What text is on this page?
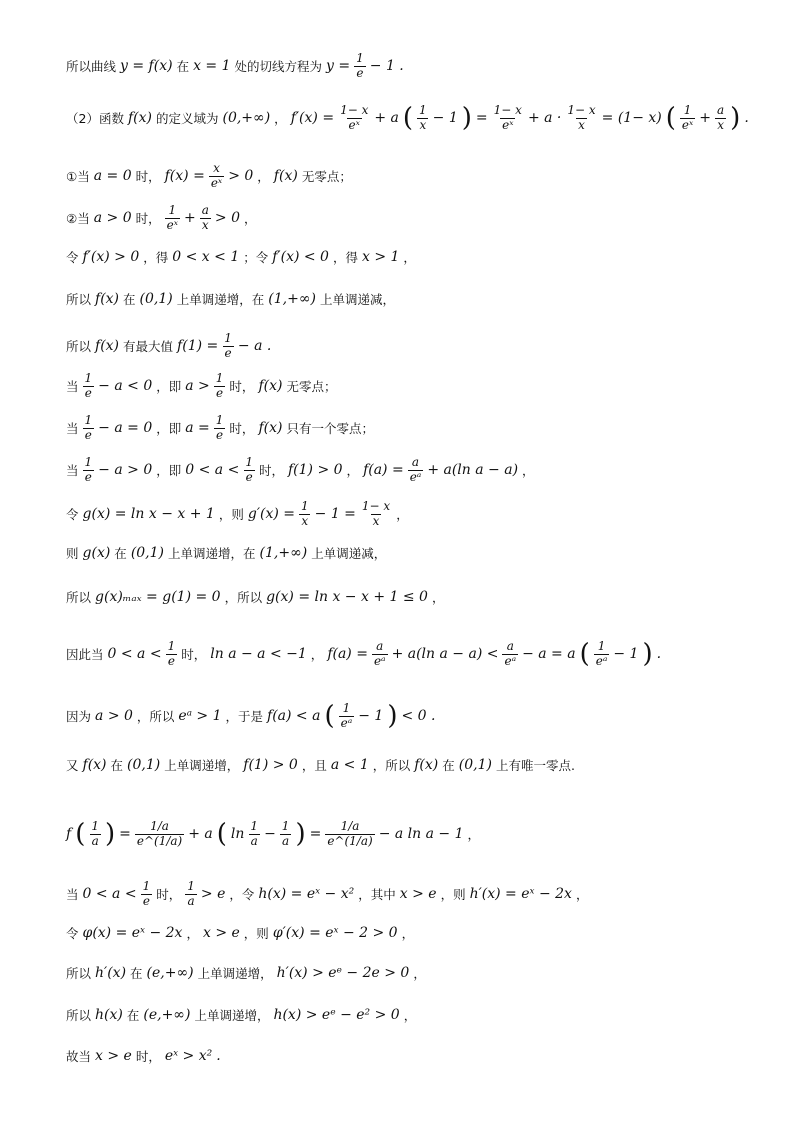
所以曲线 y = f(x) 在 x = 1 处的切线方程为 $y = \frac{1}{e} - 1$ .
（2）函数 f(x) 的定义域为 (0,+∞) ， $f'(x) = \frac{1- x}{\text{eˣ}} + a$ ( $\frac{1}{x} - 1$ ) = $\frac{1- x}{\text{eˣ}} + a \cdot \frac{1- x}{x} = (1- x)$ ( $\frac{1}{\text{eˣ}} + \frac{a}{x}$ ) .
①当 a = 0 时， $f(x) = \frac{x}{\text{eˣ}} > 0$ ， f(x) 无零点；
②当 a > 0 时， $\frac{1}{\text{eˣ}} + \frac{a}{x} > 0$ ，
令 f′(x) > 0 ，得 0 < x < 1 ；令 f′(x) < 0 ，得 x > 1 ，
所以 f(x) 在 (0,1) 上单调递增，在 (1,+∞) 上单调递减，
所以 f(x) 有最大值 $f(1) = \frac{1}{e} - a$ .
当 $\frac{1}{e} - a < 0$ ，即 $a > \frac{1}{e}$ 时， f(x) 无零点；
当 $\frac{1}{e} - a = 0$ ，即 $a = \frac{1}{e}$ 时， f(x) 只有一个零点；
当 $\frac{1}{e} - a > 0$ ，即 $0 < a < \frac{1}{e}$ 时， f(1) > 0 ， $f(a) = \frac{a}{\text{eᵃ}} + a(\ln$ a − a) ，
令 g(x) = ln x − x + 1 ，则 $g'(x) = \frac{1}{x} - 1 = \frac{1- x}{x}$ ，
则 g(x) 在 (0,1) 上单调递增，在 (1,+∞) 上单调递减，
所以 g(x)ₘₐₓ = g(1) = 0 ，所以 g(x) = ln x − x + 1 ≤ 0 ，
因此当 $0 < a < \frac{1}{e}$ 时， ln a − a < −1 ， $f(a) = \frac{a}{\text{eᵃ}} + a(\ln$ $a - a) < \frac{a}{\text{eᵃ}} - a = a$ ( $\frac{1}{\text{eᵃ}} - 1$ ) .
因为 a > 0 ，所以 eᵃ > 1 ，于是 f(a) < a ( $\frac{1}{\text{eᵃ}} - 1$ ) < 0 .
又 f(x) 在 (0,1) 上单调递增， f(1) > 0 ，且 a < 1 ，所以 f(x) 在 (0,1) 上有唯一零点.
f ( $\frac{1}{a}$ ) = $\frac{1/a}{e\^{}(1/a)} + a$ ( $\ln \frac{1}{a} - \frac{1}{a}$ ) = $\frac{1/a}{e\^{}(1/a)} - a$ ln a − 1 ，
当 $0 < a < \frac{1}{e}$ 时， $\frac{1}{a} > e$ ，令 h(x) = eˣ − x² ，其中 x > e ，则 h′(x) = eˣ − 2x ，
令 φ(x) = eˣ − 2x ， x > e ，则 φ′(x) = eˣ − 2 > 0 ，
所以 h′(x) 在 (e,+∞) 上单调递增， h′(x) > eᵉ − 2e > 0 ，
所以 h(x) 在 (e,+∞) 上单调递增， h(x) > eᵉ − e² > 0 ，
故当 x > e 时， eˣ > x² .
